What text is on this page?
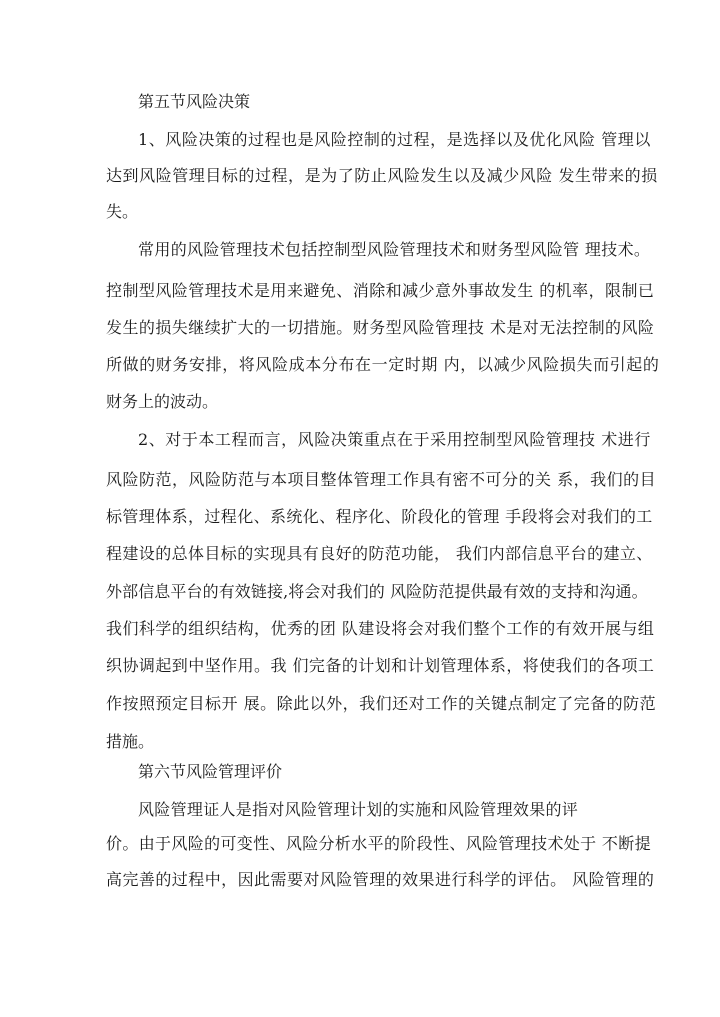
第五节风险决策
1、风险决策的过程也是风险控制的过程，是选择以及优化风险 管理以
达到风险管理目标的过程，是为了防止风险发生以及减少风险 发生带来的损
失。
常用的风险管理技术包括控制型风险管理技术和财务型风险管 理技术。
控制型风险管理技术是用来避免、消除和减少意外事故发生 的机率，限制已
发生的损失继续扩大的一切措施。财务型风险管理技 术是对无法控制的风险
所做的财务安排，将风险成本分布在一定时期 内，以减少风险损失而引起的
财务上的波动。
2、对于本工程而言，风险决策重点在于采用控制型风险管理技 术进行
风险防范，风险防范与本项目整体管理工作具有密不可分的关 系，我们的目
标管理体系，过程化、系统化、程序化、阶段化的管理 手段将会对我们的工
程建设的总体目标的实现具有良好的防范功能， 我们内部信息平台的建立、
外部信息平台的有效链接,将会对我们的 风险防范提供最有效的支持和沟通。
我们科学的组织结构，优秀的团 队建设将会对我们整个工作的有效开展与组
织协调起到中坚作用。我 们完备的计划和计划管理体系，将使我们的各项工
作按照预定目标开 展。除此以外，我们还对工作的关键点制定了完备的防范
措施。
第六节风险管理评价
风险管理证人是指对风险管理计划的实施和风险管理效果的评
价。由于风险的可变性、风险分析水平的阶段性、风险管理技术处于 不断提
高完善的过程中，因此需要对风险管理的效果进行科学的评估。 风险管理的
